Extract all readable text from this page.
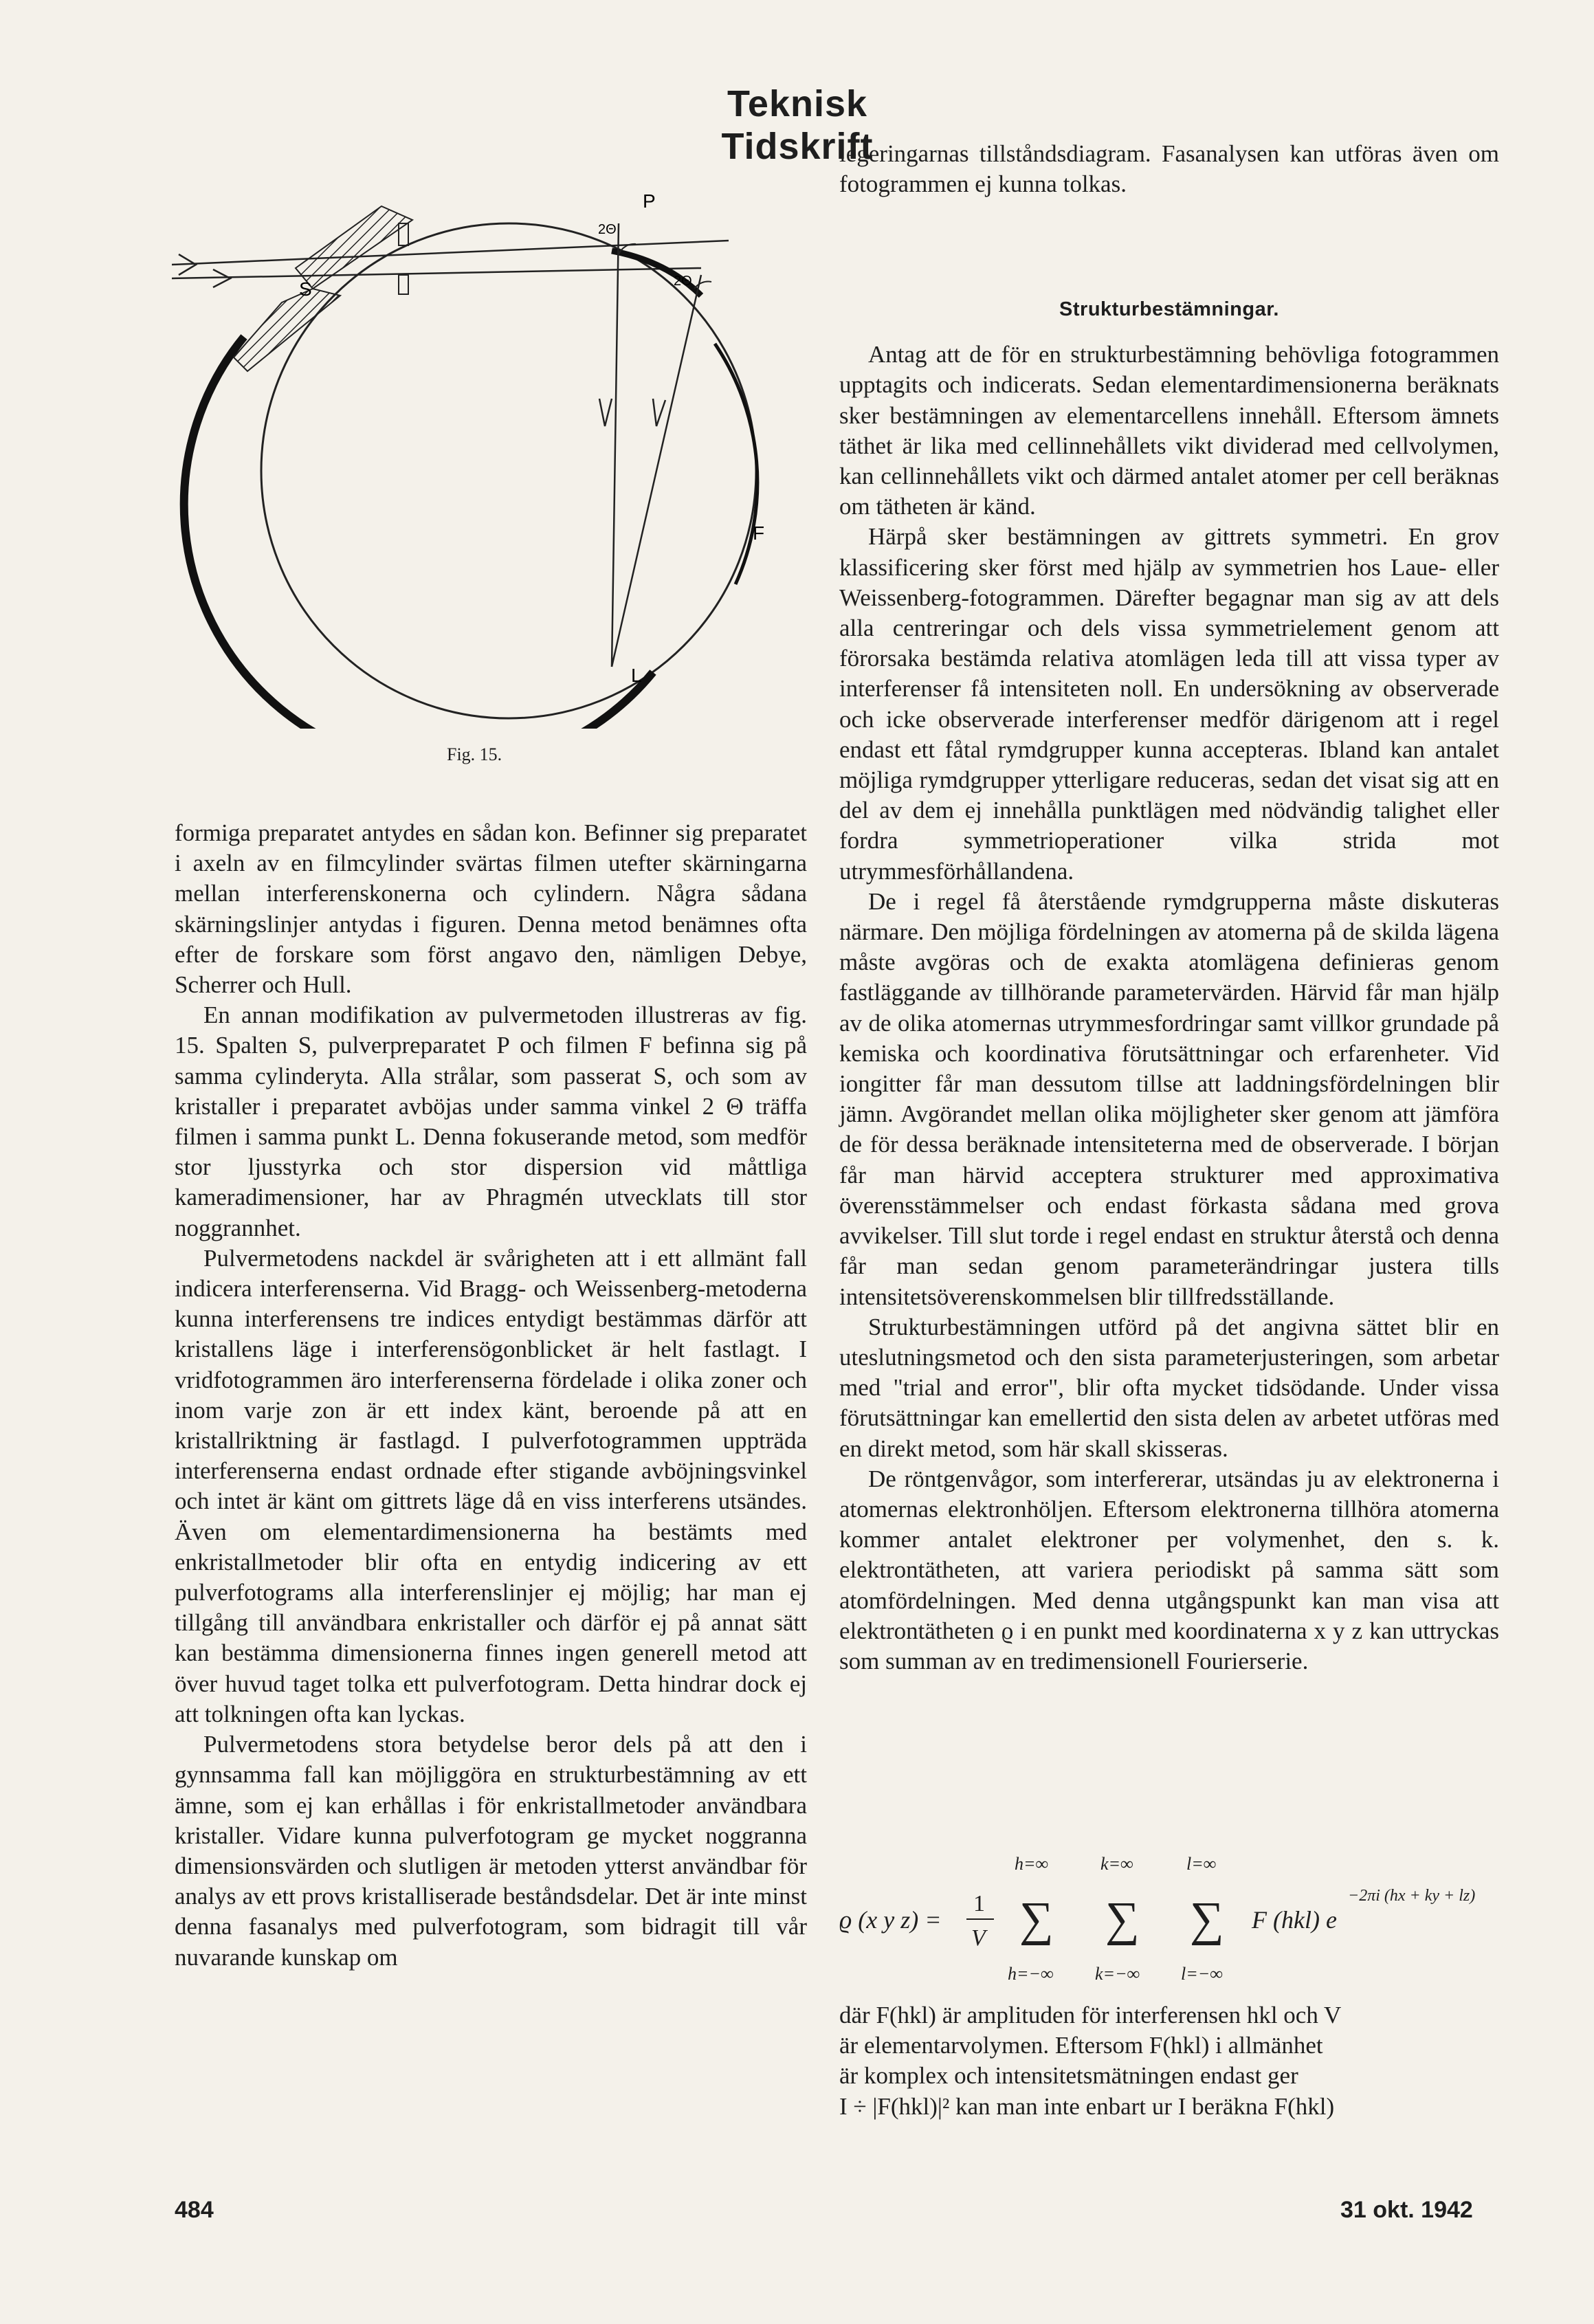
Teknisk Tidskrift
S
P
F
L
2Θ
2Θ
Fig. 15.

formiga preparatet antydes en sådan kon. Befinner sig preparatet i axeln av en filmcylinder svärtas filmen utefter skärningarna mellan interferenskonerna och cylindern. Några sådana skärningslinjer antydas i figuren. Denna metod benämnes ofta efter de forskare som först angavo den, nämligen Debye, Scherrer och Hull.

En annan modifikation av pulvermetoden illustreras av fig. 15. Spalten S, pulverpreparatet P och filmen F befinna sig på samma cylinderyta. Alla strålar, som passerat S, och som av kristaller i preparatet avböjas under samma vinkel 2 Θ träffa filmen i samma punkt L. Denna fokuserande metod, som medför stor ljusstyrka och stor dispersion vid måttliga kameradimensioner, har av Phragmén utvecklats till stor noggrannhet.

Pulvermetodens nackdel är svårigheten att i ett allmänt fall indicera interferenserna. Vid Bragg- och Weissenberg-metoderna kunna interferensens tre indices entydigt bestämmas därför att kristallens läge i interferensögonblicket är helt fastlagt. I vridfotogrammen äro interferenserna fördelade i olika zoner och inom varje zon är ett index känt, beroende på att en kristallriktning är fastlagd. I pulverfotogrammen uppträda interferenserna endast ordnade efter stigande avböjningsvinkel och intet är känt om gittrets läge då en viss interferens utsändes. Även om elementardimensionerna ha bestämts med enkristallmetoder blir ofta en entydig indicering av ett pulverfotograms alla interferenslinjer ej möjlig; har man ej tillgång till användbara enkristaller och därför ej på annat sätt kan bestämma dimensionerna finnes ingen generell metod att över huvud taget tolka ett pulverfotogram. Detta hindrar dock ej att tolkningen ofta kan lyckas.

Pulvermetodens stora betydelse beror dels på att den i gynnsamma fall kan möjliggöra en strukturbestämning av ett ämne, som ej kan erhållas i för enkristallmetoder användbara kristaller. Vidare kunna pulverfotogram ge mycket noggranna dimensionsvärden och slutligen är metoden ytterst användbar för analys av ett provs kristalliserade beståndsdelar. Det är inte minst denna fasanalys med pulverfotogram, som bidragit till vår nuvarande kunskap om

legeringarnas tillståndsdiagram. Fasanalysen kan utföras även om fotogrammen ej kunna tolkas.

Strukturbestämningar.

Antag att de för en strukturbestämning behövliga fotogrammen upptagits och indicerats. Sedan elementardimensionerna beräknats sker bestämningen av elementarcellens innehåll. Eftersom ämnets täthet är lika med cellinnehållets vikt dividerad med cellvolymen, kan cellinnehållets vikt och därmed antalet atomer per cell beräknas om tätheten är känd.

Härpå sker bestämningen av gittrets symmetri. En grov klassificering sker först med hjälp av symmetrien hos Laue- eller Weissenberg-fotogrammen. Därefter begagnar man sig av att dels alla centreringar och dels vissa symmetrielement genom att förorsaka bestämda relativa atomlägen leda till att vissa typer av interferenser få intensiteten noll. En undersökning av observerade och icke observerade interferenser medför därigenom att i regel endast ett fåtal rymdgrupper kunna accepteras. Ibland kan antalet möjliga rymdgrupper ytterligare reduceras, sedan det visat sig att en del av dem ej innehålla punktlägen med nödvändig talighet eller fordra symmetrioperationer vilka strida mot utrymmesförhållandena.

De i regel få återstående rymdgrupperna måste diskuteras närmare. Den möjliga fördelningen av atomerna på de skilda lägena måste avgöras och de exakta atomlägena definieras genom fastläggande av tillhörande parametervärden. Härvid får man hjälp av de olika atomernas utrymmesfordringar samt villkor grundade på kemiska och koordinativa förutsättningar och erfarenheter. Vid iongitter får man dessutom tillse att laddningsfördelningen blir jämn. Avgörandet mellan olika möjligheter sker genom att jämföra de för dessa beräknade intensiteterna med de observerade. I början får man härvid acceptera strukturer med approximativa överensstämmelser och endast förkasta sådana med grova avvikelser. Till slut torde i regel endast en struktur återstå och denna får man sedan genom parameterändringar justera tills intensitetsöverenskommelsen blir tillfredsställande.

Strukturbestämningen utförd på det angivna sättet blir en uteslutningsmetod och den sista parameterjusteringen, som arbetar med "trial and error", blir ofta mycket tidsödande. Under vissa förutsättningar kan emellertid den sista delen av arbetet utföras med en direkt metod, som här skall skisseras.

De röntgenvågor, som interfererar, utsändas ju av elektronerna i atomernas elektronhöljen. Eftersom elektronerna tillhöra atomerna kommer antalet elektroner per volymenhet, den s. k. elektrontätheten, att variera periodiskt på samma sätt som atomfördelningen. Med denna utgångspunkt kan man visa att elektrontätheten ϱ i en punkt med koordinaterna x y z kan uttryckas som summan av en tredimensionell Fourierserie.

ϱ (x y z) =
1
V
h=∞
∑
h=−∞
k=∞
∑
k=−∞
l=∞
∑
l=−∞
F (hkl) e
−2πi (hx + ky + lz)

där F(hkl) är amplituden för interferensen hkl och V

är elementarvolymen. Eftersom F(hkl) i allmänhet

är komplex och intensitetsmätningen endast ger

I ÷ |F(hkl)|² kan man inte enbart ur I beräkna F(hkl)

484	31 okt. 1942
